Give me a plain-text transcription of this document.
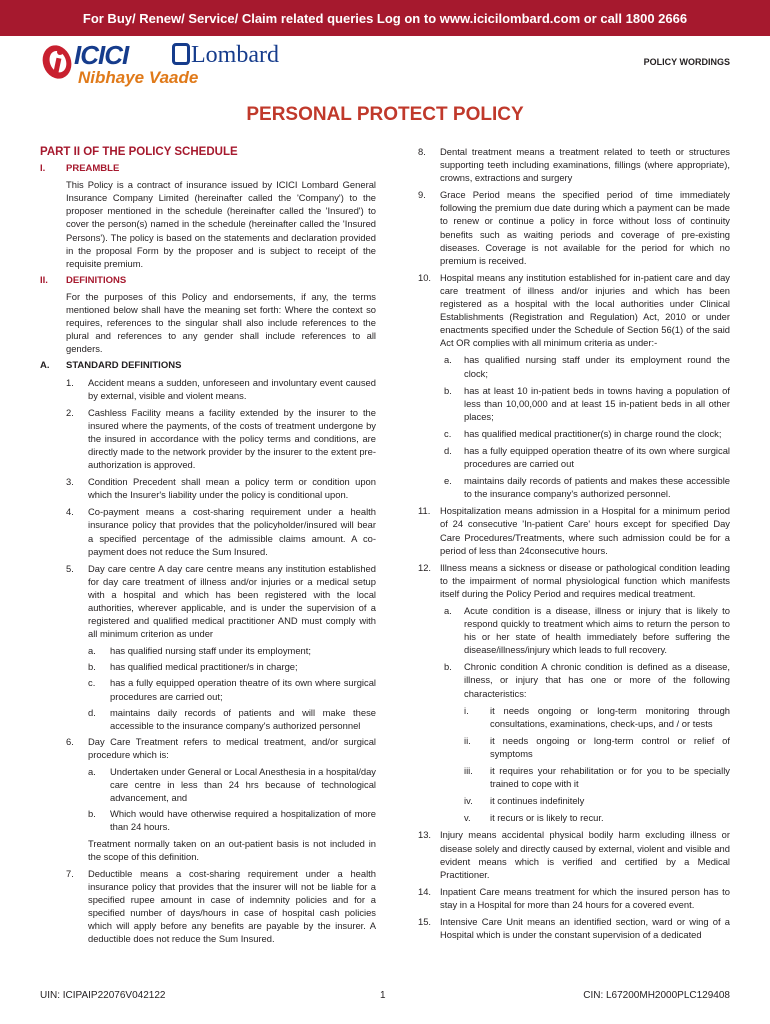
For Buy/ Renew/ Service/ Claim related queries Log on to www.icicilombard.com or call 1800 2666
ICICI	Lombard
Nibhaye Vaade
POLICY WORDINGS
PERSONAL PROTECT POLICY
PART II OF THE POLICY SCHEDULE
I.	PREAMBLE
This Policy is a contract of insurance issued by ICICI Lombard General Insurance Company Limited (hereinafter called the 'Company') to the proposer mentioned in the schedule (hereinafter called the 'Insured') to cover the person(s) named in the schedule (hereinafter called the 'Insured Persons'). The policy is based on the statements and declaration provided in the proposal Form by the proposer and is subject to receipt of the requisite premium.
II.	DEFINITIONS
For the purposes of this Policy and endorsements, if any, the terms mentioned below shall have the meaning set forth: Where the context so requires, references to the singular shall also include references to the plural and references to any gender shall include references to all genders.
A.	STANDARD DEFINITIONS
1.	Accident means a sudden, unforeseen and involuntary event caused by external, visible and violent means.
2.	Cashless Facility means a facility extended by the insurer to the insured where the payments, of the costs of treatment undergone by the insured in accordance with the policy terms and conditions, are directly made to the network provider by the insurer to the extent pre-authorization is approved.
3.	Condition Precedent shall mean a policy term or condition upon which the Insurer's liability under the policy is conditional upon.
4.	Co-payment means a cost-sharing requirement under a health insurance policy that provides that the policyholder/insured will bear a specified percentage of the admissible claims amount. A co-payment does not reduce the Sum Insured.
5.	Day care centre A day care centre means any institution established for day care treatment of illness and/or injuries or a medical setup with a hospital and which has been registered with the local authorities, wherever applicable, and is under the supervision of a registered and qualified medical practitioner AND must comply with all minimum criterion as under
a.	has qualified nursing staff under its employment;
b.	has qualified medical practitioner/s in charge;
c.	has a fully equipped operation theatre of its own where surgical procedures are carried out;
d.	maintains daily records of patients and will make these accessible to the insurance company's authorized personnel
6.	Day Care Treatment refers to medical treatment, and/or surgical procedure which is:
a.	Undertaken under General or Local Anesthesia in a hospital/day care centre in less than 24 hrs because of technological advancement, and
b.	Which would have otherwise required a hospitalization of more than 24 hours.
Treatment normally taken on an out-patient basis is not included in the scope of this definition.
7.	Deductible means a cost-sharing requirement under a health insurance policy that provides that the insurer will not be liable for a specified rupee amount in case of indemnity policies and for a specified number of days/hours in case of hospital cash policies which will apply before any benefits are payable by the insurer. A deductible does not reduce the Sum Insured.
8.	Dental treatment means a treatment related to teeth or structures supporting teeth including examinations, fillings (where appropriate), crowns, extractions and surgery
9.	Grace Period means the specified period of time immediately following the premium due date during which a payment can be made to renew or continue a policy in force without loss of continuity benefits such as waiting periods and coverage of pre-existing diseases. Coverage is not available for the period for which no premium is received.
10. Hospital means any institution established for in-patient care and day care treatment of illness and/or injuries and which has been registered as a hospital with the local authorities under Clinical Establishments (Registration and Regulation) Act, 2010 or under enactments specified under the Schedule of Section 56(1) of the said Act OR complies with all minimum criteria as under:-
a.	has qualified nursing staff under its employment round the clock;
b.	has at least 10 in-patient beds in towns having a population of less than 10,00,000 and at least 15 in-patient beds in all other places;
c.	has qualified medical practitioner(s) in charge round the clock;
d.	has a fully equipped operation theatre of its own where surgical procedures are carried out
e.	maintains daily records of patients and makes these accessible to the insurance company's authorized personnel.
11.	Hospitalization means admission in a Hospital for a minimum period of 24 consecutive 'In-patient Care' hours except for specified Day Care Procedures/Treatments, where such admission could be for a period of less than 24consecutive hours.
12. Illness means a sickness or disease or pathological condition leading to the impairment of normal physiological function which manifests itself during the Policy Period and requires medical treatment.
a.	Acute condition is a disease, illness or injury that is likely to respond quickly to treatment which aims to return the person to his or her state of health immediately before suffering the disease/illness/injury which leads to full recovery.
b.	Chronic condition A chronic condition is defined as a disease, illness, or injury that has one or more of the following characteristics:
i.	it needs ongoing or long-term monitoring through consultations, examinations, check-ups, and / or tests
ii.	it needs ongoing or long-term control or relief of symptoms
iii.	it requires your rehabilitation or for you to be specially trained to cope with it
iv.	it continues indefinitely
v.	it recurs or is likely to recur.
13. Injury means accidental physical bodily harm excluding illness or disease solely and directly caused by external, violent and visible and evident means which is verified and certified by a Medical Practitioner.
14. Inpatient Care means treatment for which the insured person has to stay in a Hospital for more than 24 hours for a covered event.
15. Intensive Care Unit means an identified section, ward or wing of a Hospital which is under the constant supervision of a dedicated
UIN: ICIPAIP22076V042122	1	CIN: L67200MH2000PLC129408
